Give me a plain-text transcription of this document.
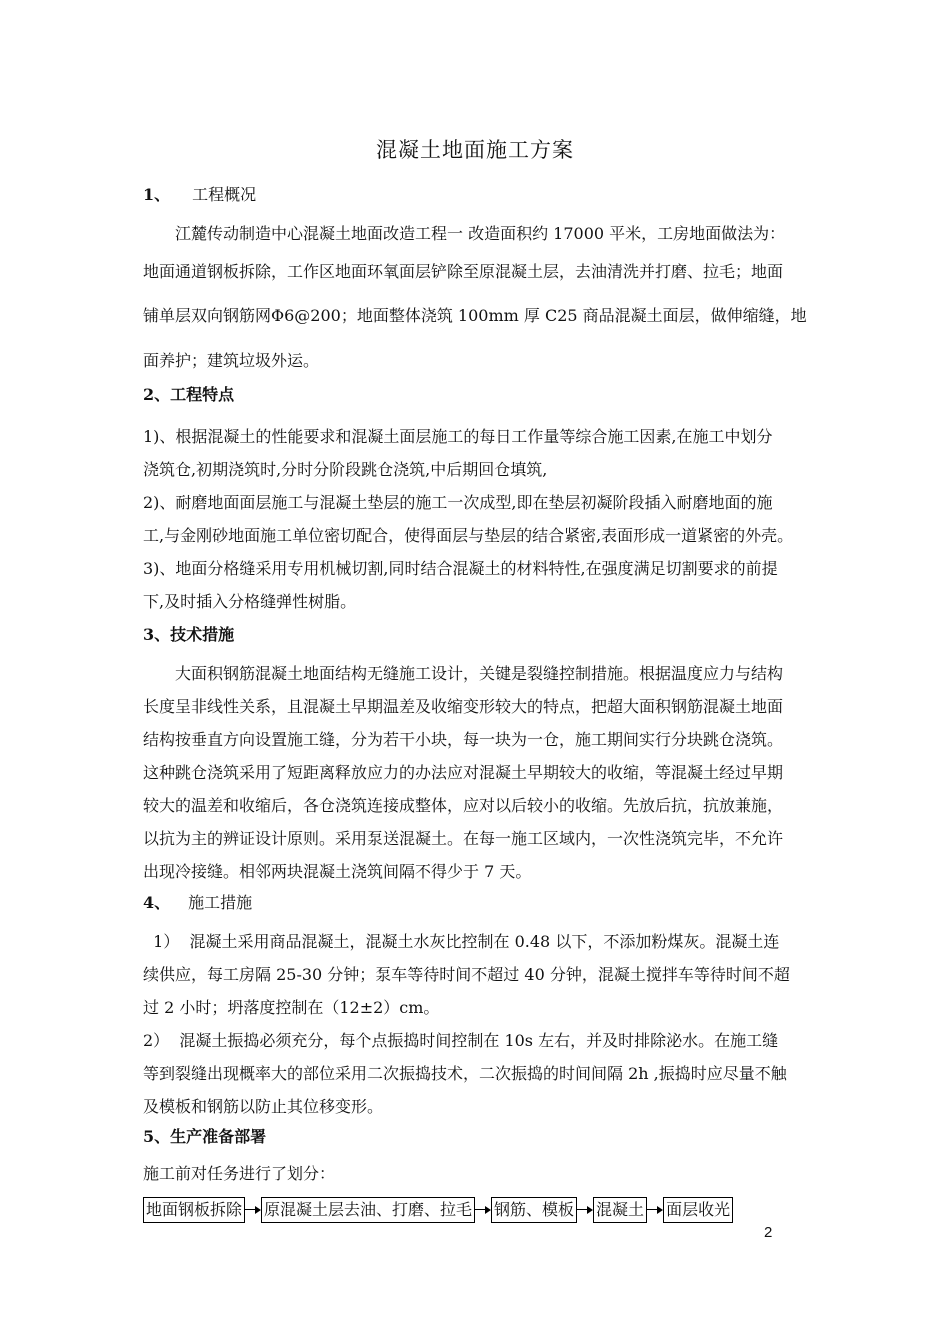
混凝土地面施工方案
1、 工程概况
江麓传动制造中心混凝土地面改造工程一 改造面积约 17000 平米，工房地面做法为：
地面通道钢板拆除，工作区地面环氧面层铲除至原混凝土层，去油清洗并打磨、拉毛；地面
铺单层双向钢筋网Φ6@200；地面整体浇筑 100mm 厚 C25 商品混凝土面层，做伸缩缝，地
面养护；建筑垃圾外运。
2、工程特点
1)、根据混凝土的性能要求和混凝土面层施工的每日工作量等综合施工因素,在施工中划分
浇筑仓,初期浇筑时,分时分阶段跳仓浇筑,中后期回仓填筑,
2)、耐磨地面面层施工与混凝土垫层的施工一次成型,即在垫层初凝阶段插入耐磨地面的施
工,与金刚砂地面施工单位密切配合，使得面层与垫层的结合紧密,表面形成一道紧密的外壳。
3)、地面分格缝采用专用机械切割,同时结合混凝土的材料特性,在强度满足切割要求的前提
下,及时插入分格缝弹性树脂。
3、技术措施
大面积钢筋混凝土地面结构无缝施工设计，关键是裂缝控制措施。根据温度应力与结构
长度呈非线性关系，且混凝土早期温差及收缩变形较大的特点，把超大面积钢筋混凝土地面
结构按垂直方向设置施工缝，分为若干小块，每一块为一仓，施工期间实行分块跳仓浇筑。
这种跳仓浇筑采用了短距离释放应力的办法应对混凝土早期较大的收缩，等混凝土经过早期
较大的温差和收缩后，各仓浇筑连接成整体，应对以后较小的收缩。先放后抗，抗放兼施，
以抗为主的辨证设计原则。采用泵送混凝土。在每一施工区域内，一次性浇筑完毕，不允许
出现冷接缝。相邻两块混凝土浇筑间隔不得少于 7 天。
4、 施工措施
1）  混凝土采用商品混凝土，混凝土水灰比控制在 0.48 以下，不添加粉煤灰。混凝土连
续供应，每工房隔 25-30 分钟；泵车等待时间不超过 40 分钟，混凝土搅拌车等待时间不超
过 2 小时；坍落度控制在（12±2）cm。
2）  混凝土振捣必须充分，每个点振捣时间控制在 10s 左右，并及时排除泌水。在施工缝
等到裂缝出现概率大的部位采用二次振捣技术，二次振捣的时间间隔 2h ,振捣时应尽量不触
及模板和钢筋以防止其位移变形。
5、生产准备部署
施工前对任务进行了划分：
地面钢板拆除 原混凝土层去油、打磨、拉毛 钢筋、模板 混凝土 面层收光
2
